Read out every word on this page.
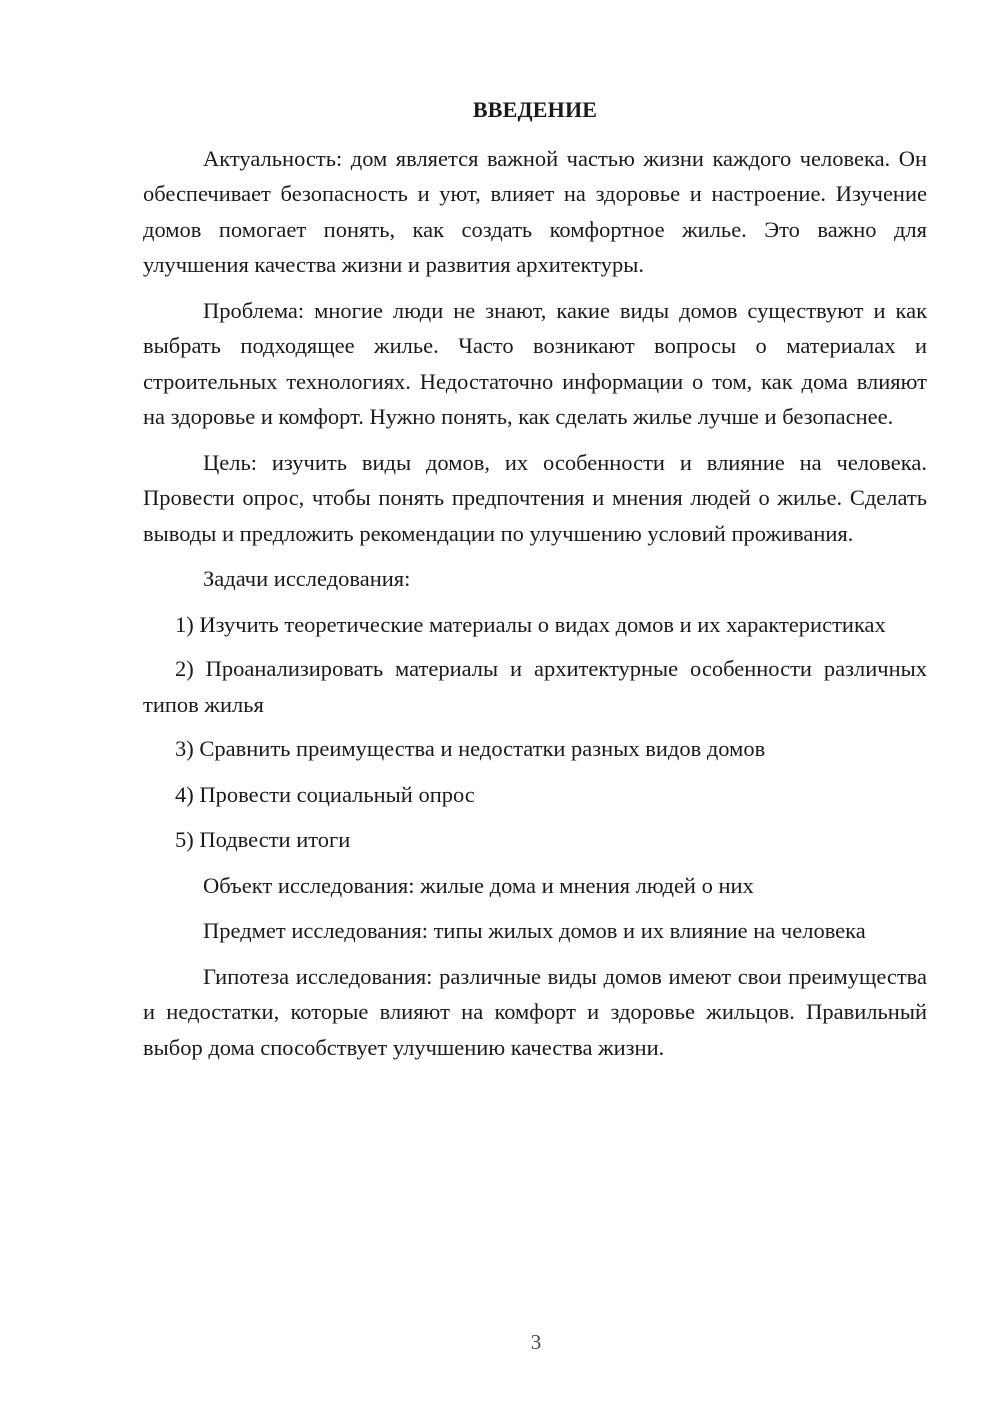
ВВЕДЕНИЕ

Актуальность: дом является важной частью жизни каждого человека. Он обеспечивает безопасность и уют, влияет на здоровье и настроение. Изучение домов помогает понять, как создать комфортное жилье. Это важно для улучшения качества жизни и развития архитектуры.

Проблема: многие люди не знают, какие виды домов существуют и как выбрать подходящее жилье. Часто возникают вопросы о материалах и строительных технологиях. Недостаточно информации о том, как дома влияют на здоровье и комфорт. Нужно понять, как сделать жилье лучше и безопаснее.

Цель: изучить виды домов, их особенности и влияние на человека. Провести опрос, чтобы понять предпочтения и мнения людей о жилье. Сделать выводы и предложить рекомендации по улучшению условий проживания.

Задачи исследования:

1) Изучить теоретические материалы о видах домов и их характеристиках

2) Проанализировать материалы и архитектурные особенности различных типов жилья

3) Сравнить преимущества и недостатки разных видов домов
4) Провести социальный опрос
5) Подвести итоги
Объект исследования: жилые дома и мнения людей о них

Предмет исследования: типы жилых домов и их влияние на человека

Гипотеза исследования: различные виды домов имеют свои преимущества и недостатки, которые влияют на комфорт и здоровье жильцов. Правильный выбор дома способствует улучшению качества жизни.

3
